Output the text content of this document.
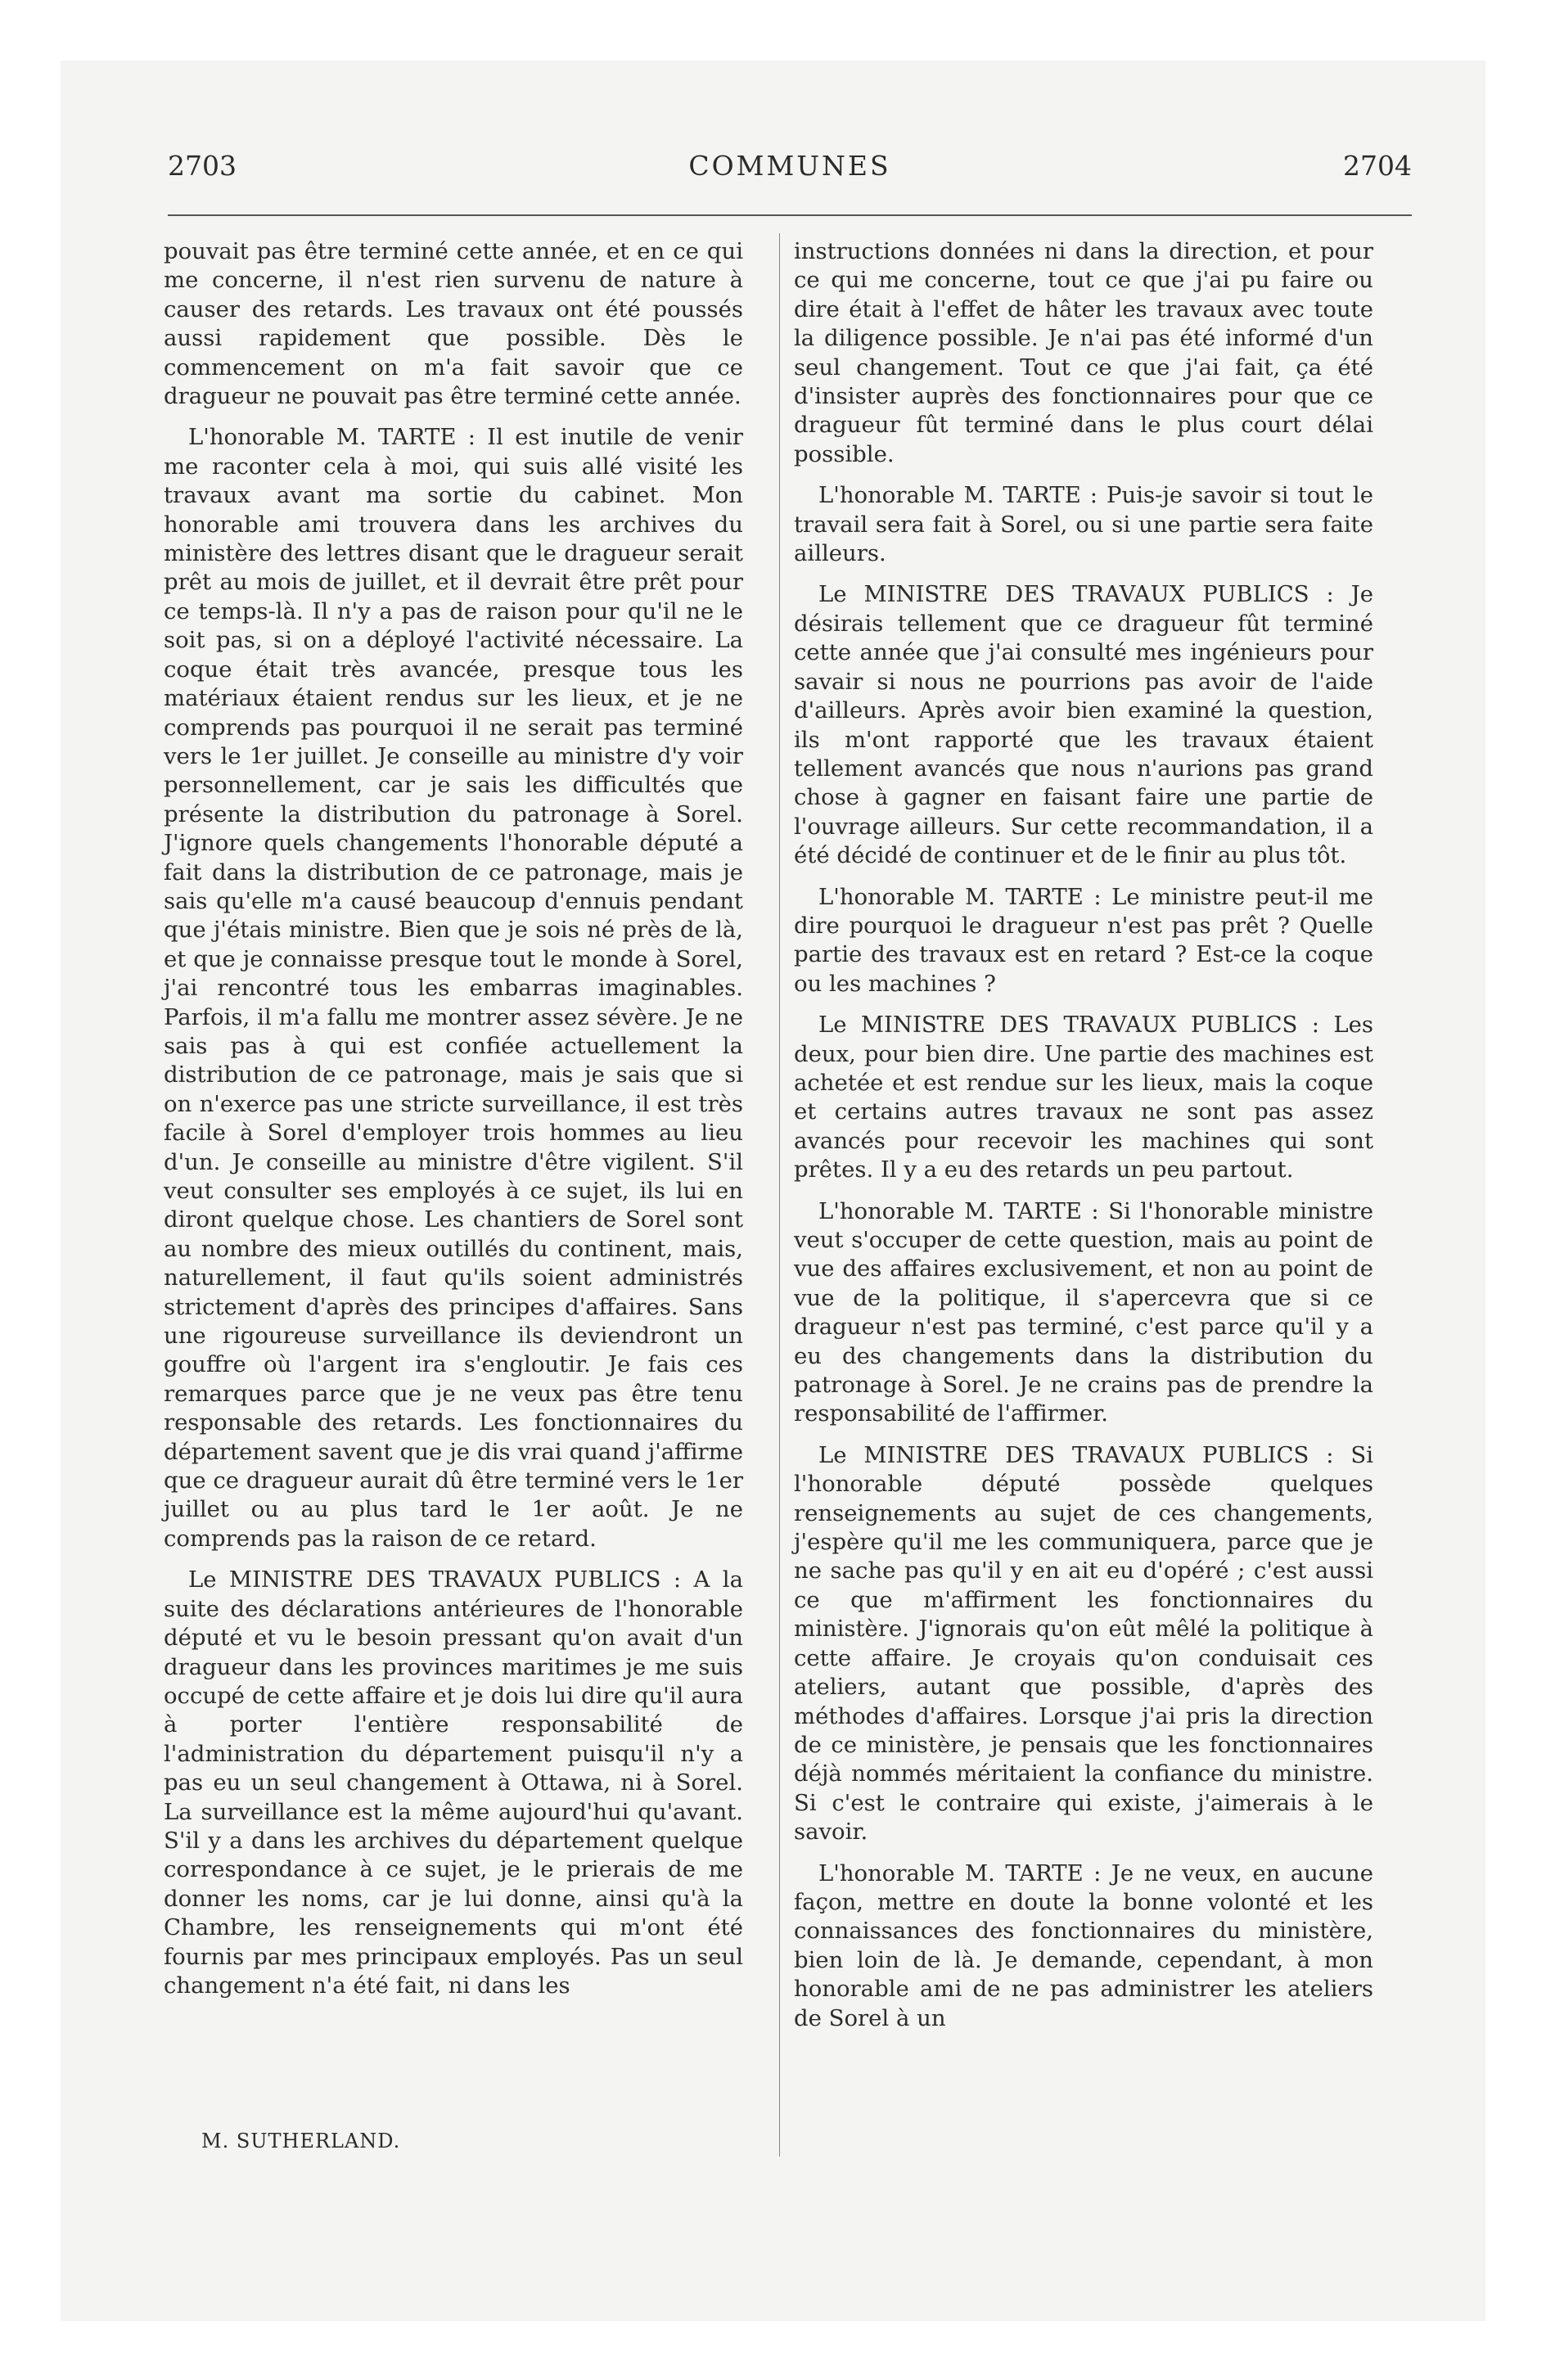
2703	COMMUNES	2704

pouvait pas être terminé cette année, et en ce qui me concerne, il n'est rien survenu de nature à causer des retards. Les travaux ont été poussés aussi rapidement que possible. Dès le commencement on m'a fait savoir que ce dragueur ne pouvait pas être terminé cette année.

L'honorable M. TARTE : Il est inutile de venir me raconter cela à moi, qui suis allé visité les travaux avant ma sortie du cabinet. Mon honorable ami trouvera dans les archives du ministère des lettres disant que le dragueur serait prêt au mois de juillet, et il devrait être prêt pour ce temps-là. Il n'y a pas de raison pour qu'il ne le soit pas, si on a déployé l'activité nécessaire. La coque était très avancée, presque tous les matériaux étaient rendus sur les lieux, et je ne comprends pas pourquoi il ne serait pas terminé vers le 1er juillet. Je conseille au ministre d'y voir personnellement, car je sais les difficultés que présente la distribution du patronage à Sorel. J'ignore quels changements l'honorable député a fait dans la distribution de ce patronage, mais je sais qu'elle m'a causé beaucoup d'ennuis pendant que j'étais ministre. Bien que je sois né près de là, et que je connaisse presque tout le monde à Sorel, j'ai rencontré tous les embarras imaginables. Parfois, il m'a fallu me montrer assez sévère. Je ne sais pas à qui est confiée actuellement la distribution de ce patronage, mais je sais que si on n'exerce pas une stricte surveillance, il est très facile à Sorel d'employer trois hommes au lieu d'un. Je conseille au ministre d'être vigilent. S'il veut consulter ses employés à ce sujet, ils lui en diront quelque chose. Les chantiers de Sorel sont au nombre des mieux outillés du continent, mais, naturellement, il faut qu'ils soient administrés strictement d'après des principes d'affaires. Sans une rigoureuse surveillance ils deviendront un gouffre où l'argent ira s'engloutir. Je fais ces remarques parce que je ne veux pas être tenu responsable des retards. Les fonctionnaires du département savent que je dis vrai quand j'affirme que ce dragueur aurait dû être terminé vers le 1er juillet ou au plus tard le 1er août. Je ne comprends pas la raison de ce retard.

Le MINISTRE DES TRAVAUX PUBLICS : A la suite des déclarations antérieures de l'honorable député et vu le besoin pressant qu'on avait d'un dragueur dans les provinces maritimes je me suis occupé de cette affaire et je dois lui dire qu'il aura à porter l'entière responsabilité de l'administration du département puisqu'il n'y a pas eu un seul changement à Ottawa, ni à Sorel. La surveillance est la même aujourd'hui qu'avant. S'il y a dans les archives du département quelque correspondance à ce sujet, je le prierais de me donner les noms, car je lui donne, ainsi qu'à la Chambre, les renseignements qui m'ont été fournis par mes principaux employés. Pas un seul changement n'a été fait, ni dans les

instructions données ni dans la direction, et pour ce qui me concerne, tout ce que j'ai pu faire ou dire était à l'effet de hâter les travaux avec toute la diligence possible. Je n'ai pas été informé d'un seul changement. Tout ce que j'ai fait, ça été d'insister auprès des fonctionnaires pour que ce dragueur fût terminé dans le plus court délai possible.

L'honorable M. TARTE : Puis-je savoir si tout le travail sera fait à Sorel, ou si une partie sera faite ailleurs.

Le MINISTRE DES TRAVAUX PUBLICS : Je désirais tellement que ce dragueur fût terminé cette année que j'ai consulté mes ingénieurs pour savair si nous ne pourrions pas avoir de l'aide d'ailleurs. Après avoir bien examiné la question, ils m'ont rapporté que les travaux étaient tellement avancés que nous n'aurions pas grand chose à gagner en faisant faire une partie de l'ouvrage ailleurs. Sur cette recommandation, il a été décidé de continuer et de le finir au plus tôt.

L'honorable M. TARTE : Le ministre peut-il me dire pourquoi le dragueur n'est pas prêt ? Quelle partie des travaux est en retard ? Est-ce la coque ou les machines ?

Le MINISTRE DES TRAVAUX PUBLICS : Les deux, pour bien dire. Une partie des machines est achetée et est rendue sur les lieux, mais la coque et certains autres travaux ne sont pas assez avancés pour recevoir les machines qui sont prêtes. Il y a eu des retards un peu partout.

L'honorable M. TARTE : Si l'honorable ministre veut s'occuper de cette question, mais au point de vue des affaires exclusivement, et non au point de vue de la politique, il s'apercevra que si ce dragueur n'est pas terminé, c'est parce qu'il y a eu des changements dans la distribution du patronage à Sorel. Je ne crains pas de prendre la responsabilité de l'affirmer.

Le MINISTRE DES TRAVAUX PUBLICS : Si l'honorable député possède quelques renseignements au sujet de ces changements, j'espère qu'il me les communiquera, parce que je ne sache pas qu'il y en ait eu d'opéré ; c'est aussi ce que m'affirment les fonctionnaires du ministère. J'ignorais qu'on eût mêlé la politique à cette affaire. Je croyais qu'on conduisait ces ateliers, autant que possible, d'après des méthodes d'affaires. Lorsque j'ai pris la direction de ce ministère, je pensais que les fonctionnaires déjà nommés méritaient la confiance du ministre. Si c'est le contraire qui existe, j'aimerais à le savoir.

L'honorable M. TARTE : Je ne veux, en aucune façon, mettre en doute la bonne volonté et les connaissances des fonctionnaires du ministère, bien loin de là. Je demande, cependant, à mon honorable ami de ne pas administrer les ateliers de Sorel à un

M. SUTHERLAND.
